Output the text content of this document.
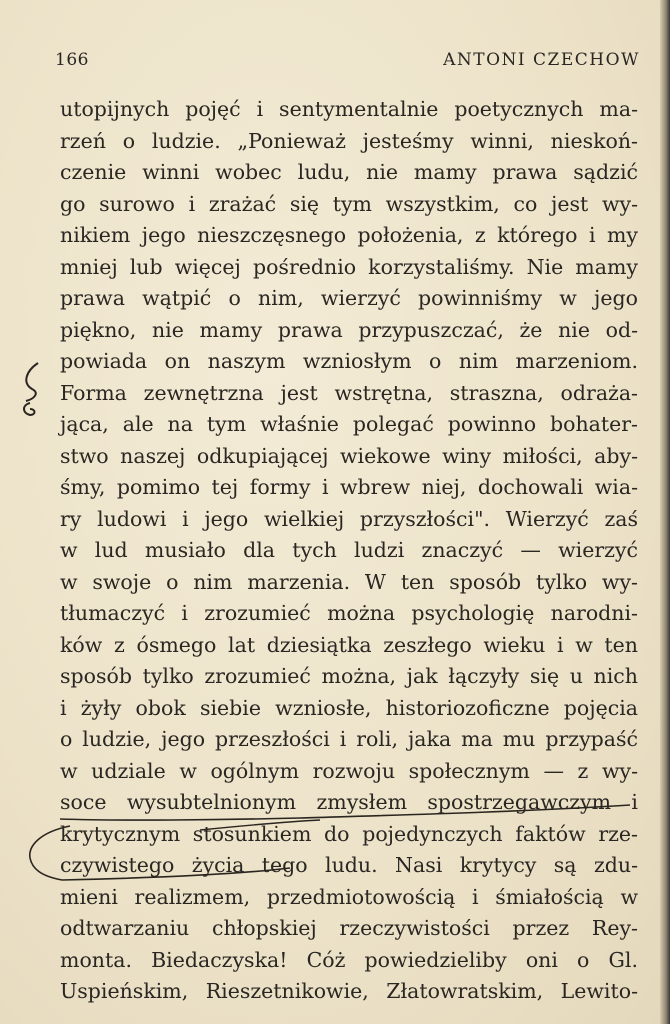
166	ANTONI CZECHOW
utopijnych pojęć i sentymentalnie poetycznych ma-
rzeń o ludzie. „Ponieważ jesteśmy winni, nieskoń-
czenie winni wobec ludu, nie mamy prawa sądzić
go surowo i zrażać się tym wszystkim, co jest wy-
nikiem jego nieszczęsnego położenia, z którego i my
mniej lub więcej pośrednio korzystaliśmy. Nie mamy
prawa wątpić o nim, wierzyć powinniśmy w jego
piękno, nie mamy prawa przypuszczać, że nie od-
powiada on naszym wzniosłym o nim marzeniom.
Forma zewnętrzna jest wstrętna, straszna, odraża-
jąca, ale na tym właśnie polegać powinno bohater-
stwo naszej odkupiającej wiekowe winy miłości, aby-
śmy, pomimo tej formy i wbrew niej, dochowali wia-
ry ludowi i jego wielkiej przyszłości". Wierzyć zaś
w lud musiało dla tych ludzi znaczyć — wierzyć
w swoje o nim marzenia. W ten sposób tylko wy-
tłumaczyć i zrozumieć można psychologię narodni-
ków z ósmego lat dziesiątka zeszłego wieku i w ten
sposób tylko zrozumieć można, jak łączyły się u nich
i żyły obok siebie wzniosłe, historiozoficzne pojęcia
o ludzie, jego przeszłości i roli, jaka ma mu przypaść
w udziale w ogólnym rozwoju społecznym — z wy-
soce wysubtelnionym zmysłem spostrzegawczym i
krytycznym stosunkiem do pojedynczych faktów rze-
czywistego życia tego ludu. Nasi krytycy są zdu-
mieni realizmem, przedmiotowością i śmiałością w
odtwarzaniu chłopskiej rzeczywistości przez Rey-
monta. Biedaczyska! Cóż powiedzieliby oni o Gl.
Uspieńskim, Rieszetnikowie, Złatowratskim, Lewito-
